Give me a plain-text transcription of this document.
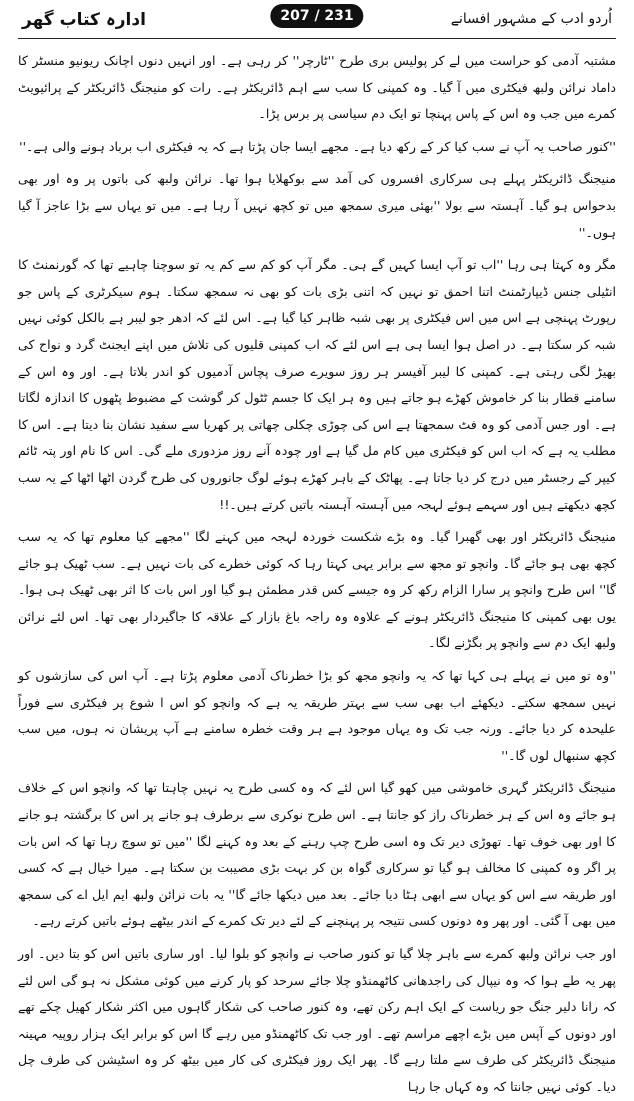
ادارہ کتاب گھر	اُردو ادب کے مشہور افسانے
207 / 231

مشتبہ آدمی کو حراست میں لے کر پولیس بری طرح ''ٹارچر'' کر رہی ہے۔ اور انہیں دنوں اچانک ریونیو منسٹر کا داماد نرائن ولبھ فیکٹری میں آ گیا۔ وہ کمپنی کا سب سے اہم ڈائریکٹر ہے۔ رات کو منیجنگ ڈائریکٹر کے پرائیویٹ کمرے میں جب وہ اس کے پاس پہنچا تو ایک دم سیاسی پر برس پڑا۔

''کنور صاحب یہ آپ نے سب کیا کر کے رکھ دیا ہے۔ مجھے ایسا جان پڑتا ہے کہ یہ فیکٹری اب برباد ہونے والی ہے۔''

منیجنگ ڈائریکٹر پہلے ہی سرکاری افسروں کی آمد سے بوکھلایا ہوا تھا۔ نرائن ولبھ کی باتوں پر وہ اور بھی بدحواس ہو گیا۔ آہستہ سے بولا ''بھئی میری سمجھ میں تو کچھ نہیں آ رہا ہے۔ میں تو یہاں سے بڑا عاجز آ گیا ہوں۔''

مگر وہ کہتا ہی رہا ''اب تو آپ ایسا کہیں گے ہی۔ مگر آپ کو کم سے کم یہ تو سوچنا چاہیے تھا کہ گورنمنٹ کا انٹیلی جنس ڈیپارٹمنٹ اتنا احمق تو نہیں کہ اتنی بڑی بات کو بھی نہ سمجھ سکتا۔ ہوم سیکرٹری کے پاس جو رپورٹ پہنچی ہے اس میں اس فیکٹری پر بھی شبہ ظاہر کیا گیا ہے۔ اس لئے کہ ادھر جو لیبر ہے بالکل کوئی نہیں شبہ کر سکتا ہے۔ در اصل ہوا ایسا ہی ہے اس لئے کہ اب کمپنی قلیوں کی تلاش میں اپنے ایجنٹ گرد و نواح کی بھیڑ لگی رہتی ہے۔ کمپنی کا لیبر آفیسر ہر روز سویرے صرف پچاس آدمیوں کو اندر بلاتا ہے۔ اور وہ اس کے سامنے قطار بنا کر خاموش کھڑے ہو جاتے ہیں وہ ہر ایک کا جسم ٹٹول کر گوشت کے مضبوط پٹھوں کا اندازہ لگاتا ہے۔ اور جس آدمی کو وہ فٹ سمجھتا ہے اس کی چوڑی چکلی چھاتی پر کھریا سے سفید نشان بنا دیتا ہے۔ اس کا مطلب یہ ہے کہ اب اس کو فیکٹری میں کام مل گیا ہے اور چودہ آنے روز مزدوری ملے گی۔ اس کا نام اور پتہ ٹائم کیپر کے رجسٹر میں درج کر دیا جاتا ہے۔ پھاٹک کے باہر کھڑے ہوئے لوگ جانوروں کی طرح گردن اٹھا اٹھا کے یہ سب کچھ دیکھتے ہیں اور سہمے ہوئے لہجہ میں آہستہ آہستہ باتیں کرتے ہیں۔!!

منیجنگ ڈائریکٹر اور بھی گھبرا گیا۔ وہ بڑے شکست خوردہ لہجہ میں کہنے لگا ''مجھے کیا معلوم تھا کہ یہ سب کچھ بھی ہو جائے گا۔ وانچو تو مجھ سے برابر یہی کہتا رہا کہ کوئی خطرے کی بات نہیں ہے۔ سب ٹھیک ہو جائے گا'' اس طرح وانچو پر سارا الزام رکھ کر وہ جیسے کس قدر مطمئن ہو گیا اور اس بات کا اثر بھی ٹھیک ہی ہوا۔ یوں بھی کمپنی کا منیجنگ ڈائریکٹر ہونے کے علاوہ وہ راجہ باغ بازار کے علاقہ کا جاگیردار بھی تھا۔ اس لئے نرائن ولبھ ایک دم سے وانچو پر بگڑنے لگا۔

''وہ تو میں نے پہلے ہی کہا تھا کہ یہ وانچو مجھ کو بڑا خطرناک آدمی معلوم پڑتا ہے۔ آپ اس کی سازشوں کو نہیں سمجھ سکتے۔ دیکھئے اب بھی سب سے بہتر طریقہ یہ ہے کہ وانچو کو اس ا شوع پر فیکٹری سے فوراً علیحدہ کر دیا جائے۔ ورنہ جب تک وہ یہاں موجود ہے ہر وقت خطرہ سامنے ہے آپ پریشان نہ ہوں، میں سب کچھ سنبھال لوں گا۔''

منیجنگ ڈائریکٹر گہری خاموشی میں کھو گیا اس لئے کہ وہ کسی طرح یہ نہیں چاہتا تھا کہ وانچو اس کے خلاف ہو جائے وہ اس کے ہر خطرناک راز کو جانتا ہے۔ اس طرح نوکری سے برطرف ہو جانے پر اس کا برگشتہ ہو جانے کا اور بھی خوف تھا۔ تھوڑی دیر تک وہ اسی طرح چپ رہنے کے بعد وہ کہنے لگا ''میں تو سوچ رہا تھا کہ اس بات پر اگر وہ کمپنی کا مخالف ہو گیا تو سرکاری گواہ بن کر بہت بڑی مصیبت بن سکتا ہے۔ میرا خیال ہے کہ کسی اور طریقہ سے اس کو یہاں سے ابھی ہٹا دیا جائے۔ بعد میں دیکھا جائے گا'' یہ بات نرائن ولبھ ایم ایل اے کی سمجھ میں بھی آ گئی۔ اور پھر وہ دونوں کسی نتیجہ پر پہنچنے کے لئے دیر تک کمرے کے اندر بیٹھے ہوئے باتیں کرتے رہے۔

اور جب نرائن ولبھ کمرے سے باہر چلا گیا تو کنور صاحب نے وانچو کو بلوا لیا۔ اور ساری باتیں اس کو بتا دیں۔ اور پھر یہ طے ہوا کہ وہ نیپال کی راجدھانی کاٹھمنڈو چلا جائے سرحد کو پار کرنے میں کوئی مشکل نہ ہو گی اس لئے کہ رانا دلیر جنگ جو ریاست کے ایک اہم رکن تھے، وہ کنور صاحب کی شکار گاہوں میں اکثر شکار کھیل چکے تھے اور دونوں کے آپس میں بڑے اچھے مراسم تھے۔ اور جب تک کاٹھمنڈو میں رہے گا اس کو برابر ایک ہزار روپیہ مہینہ منیجنگ ڈائریکٹر کی طرف سے ملتا رہے گا۔ پھر ایک روز فیکٹری کی کار میں بیٹھ کر وہ اسٹیشن کی طرف چل دیا۔ کوئی نہیں جانتا کہ وہ کہاں جا رہا
